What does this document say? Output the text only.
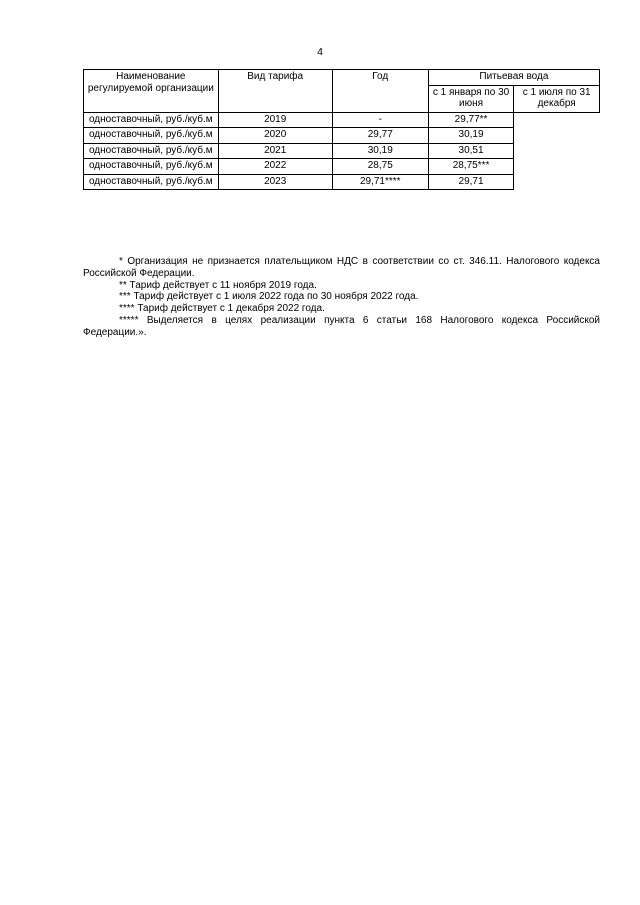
4
Наименование регулируемой организации	Вид тарифа	Год	Питьевая вода	
			с 1 января по 30 июня	с 1 июля по 31 декабря
одноставочный, руб./куб.м	2019	-	29,77**	
одноставочный, руб./куб.м	2020	29,77	30,19	
одноставочный, руб./куб.м	2021	30,19	30,51	
одноставочный, руб./куб.м	2022	28,75	28,75***	
одноставочный, руб./куб.м	2023	29,71****	29,71	

* Организация не признается плательщиком НДС в соответствии со ст. 346.11. Налогового кодекса Российской Федерации.

** Тариф действует с 11 ноября 2019 года.

*** Тариф действует с 1 июля 2022 года по 30 ноября 2022 года.

**** Тариф действует с 1 декабря 2022 года.

***** Выделяется в целях реализации пункта 6 статьи 168 Налогового кодекса Российской Федерации.».
